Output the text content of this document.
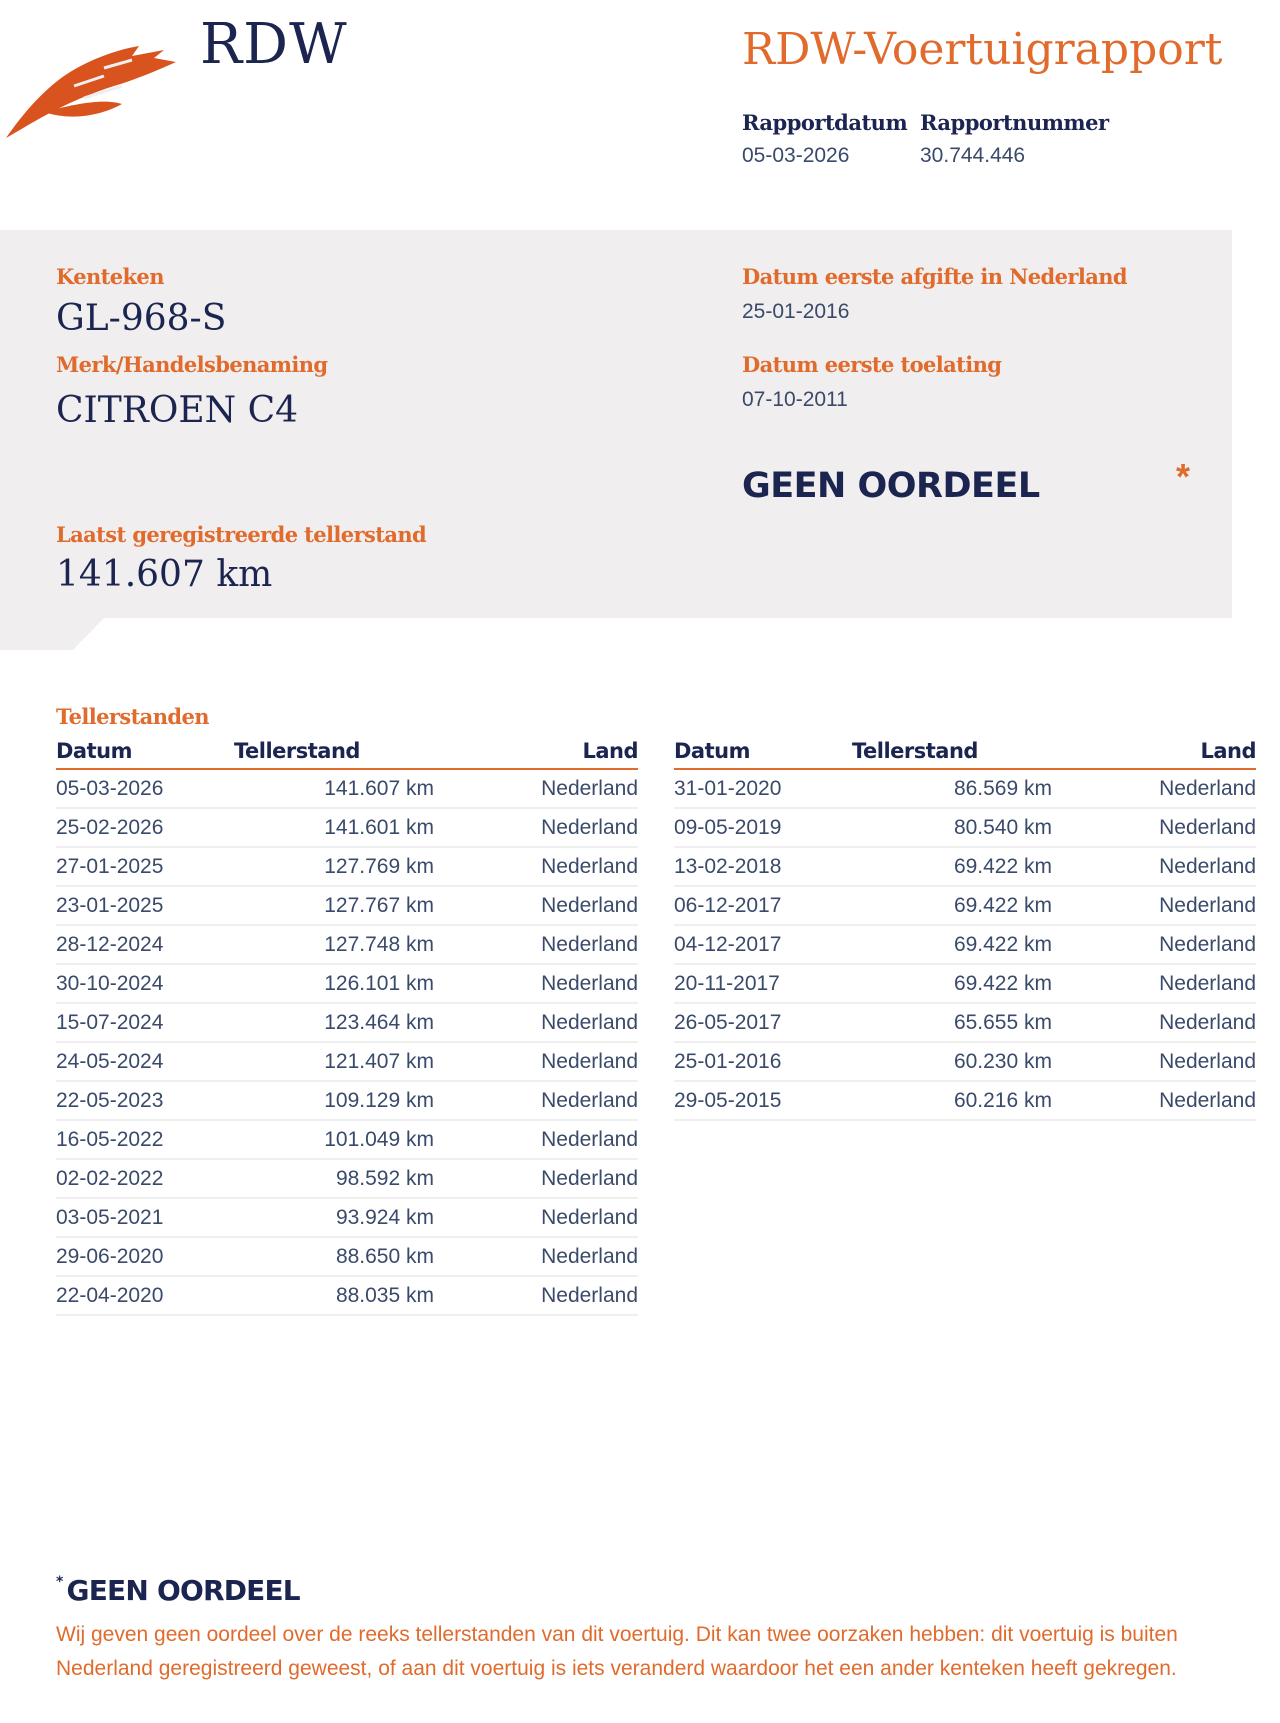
RDW	RDW-Voertuigrapport
Rapportdatum
05-03-2026
Rapportnummer
30.744.446
Kenteken
GL-968-S
Merk/Handelsbenaming
CITROEN C4
Laatst geregistreerde tellerstand
141.607 km
Datum eerste afgifte in Nederland
25-01-2016
Datum eerste toelating
07-10-2011
GEEN OORDEEL	*
Tellerstanden
Datum	Tellerstand	Land
05-03-2026	141.607 km	Nederland
25-02-2026	141.601 km	Nederland
27-01-2025	127.769 km	Nederland
23-01-2025	127.767 km	Nederland
28-12-2024	127.748 km	Nederland
30-10-2024	126.101 km	Nederland
15-07-2024	123.464 km	Nederland
24-05-2024	121.407 km	Nederland
22-05-2023	109.129 km	Nederland
16-05-2022	101.049 km	Nederland
02-02-2022	98.592 km	Nederland
03-05-2021	93.924 km	Nederland
29-06-2020	88.650 km	Nederland
22-04-2020	88.035 km	Nederland
Datum	Tellerstand	Land
31-01-2020	86.569 km	Nederland
09-05-2019	80.540 km	Nederland
13-02-2018	69.422 km	Nederland
06-12-2017	69.422 km	Nederland
04-12-2017	69.422 km	Nederland
20-11-2017	69.422 km	Nederland
26-05-2017	65.655 km	Nederland
25-01-2016	60.230 km	Nederland
29-05-2015	60.216 km	Nederland
* GEEN OORDEEL
Wij geven geen oordeel over de reeks tellerstanden van dit voertuig. Dit kan twee oorzaken hebben: dit voertuig is buiten Nederland geregistreerd geweest, of aan dit voertuig is iets veranderd waardoor het een ander kenteken heeft gekregen.
